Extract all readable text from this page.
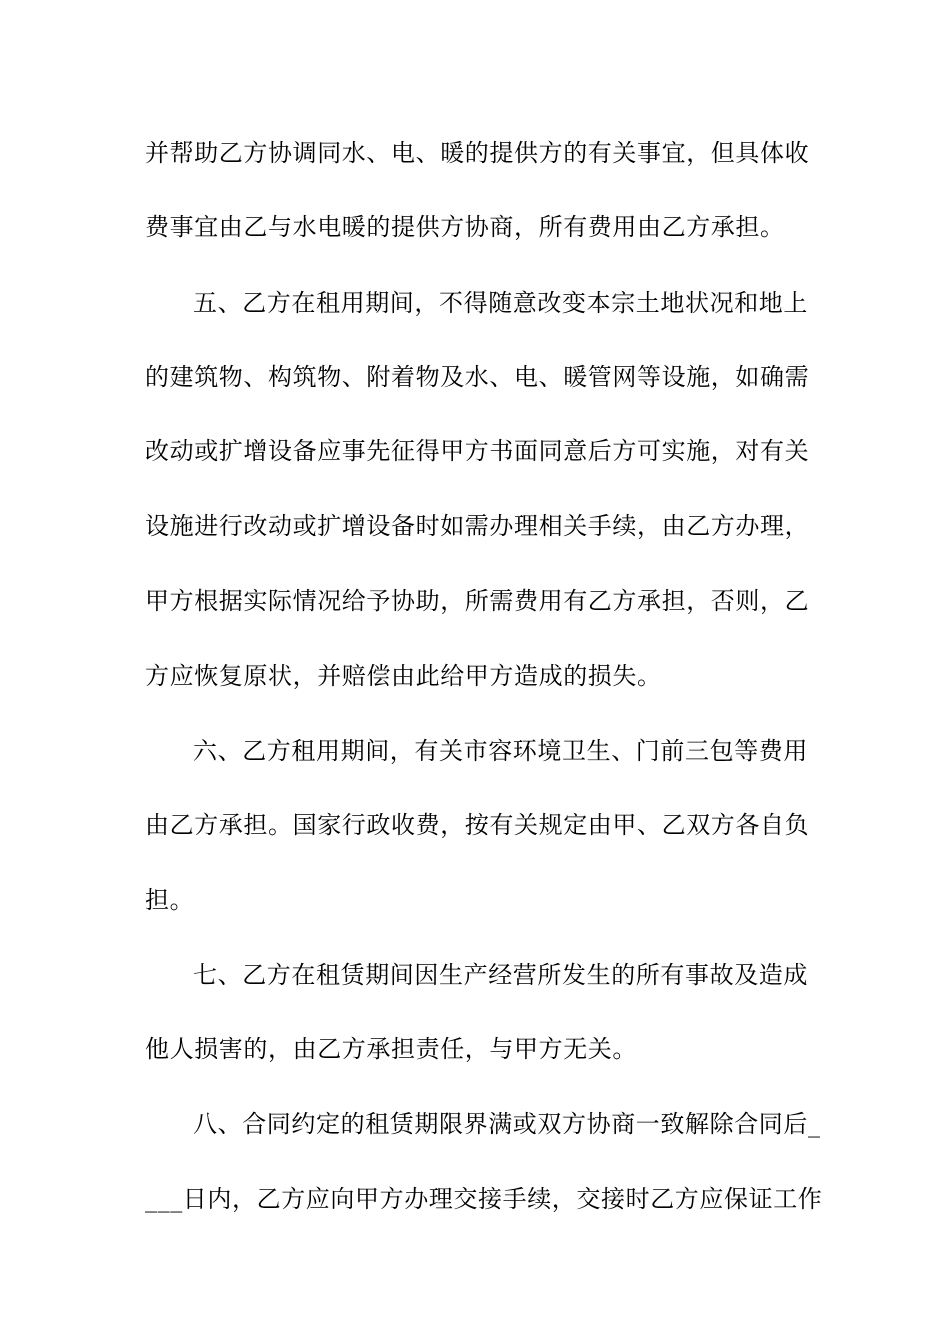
并帮助乙方协调同水、电、暖的提供方的有关事宜，但具体收
费事宜由乙与水电暖的提供方协商，所有费用由乙方承担。
五、乙方在租用期间，不得随意改变本宗土地状况和地上
的建筑物、构筑物、附着物及水、电、暖管网等设施，如确需
改动或扩增设备应事先征得甲方书面同意后方可实施，对有关
设施进行改动或扩增设备时如需办理相关手续，由乙方办理，
甲方根据实际情况给予协助，所需费用有乙方承担，否则，乙
方应恢复原状，并赔偿由此给甲方造成的损失。
六、乙方租用期间，有关市容环境卫生、门前三包等费用
由乙方承担。国家行政收费，按有关规定由甲、乙双方各自负
担。
七、乙方在租赁期间因生产经营所发生的所有事故及造成
他人损害的，由乙方承担责任，与甲方无关。
八、合同约定的租赁期限界满或双方协商一致解除合同后_
___日内，乙方应向甲方办理交接手续，交接时乙方应保证工作
